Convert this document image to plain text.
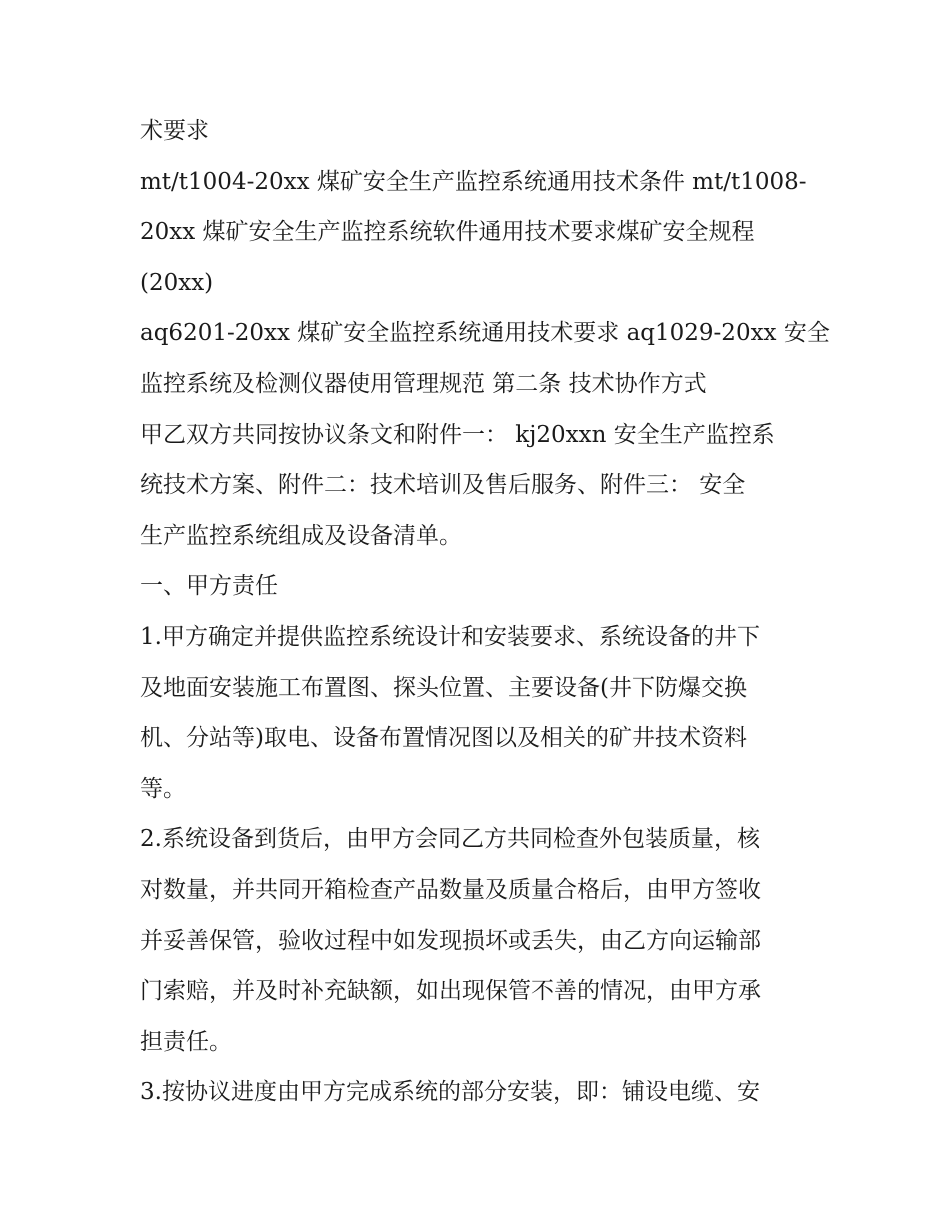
术要求
mt/t1004-20xx 煤矿安全生产监控系统通用技术条件 mt/t1008-
20xx 煤矿安全生产监控系统软件通用技术要求煤矿安全规程
(20xx)
aq6201-20xx 煤矿安全监控系统通用技术要求 aq1029-20xx 安全
监控系统及检测仪器使用管理规范 第二条 技术协作方式
甲乙双方共同按协议条文和附件一： kj20xxn 安全生产监控系
统技术方案、附件二：技术培训及售后服务、附件三： 安全
生产监控系统组成及设备清单。
一、甲方责任
1.甲方确定并提供监控系统设计和安装要求、系统设备的井下
及地面安装施工布置图、探头位置、主要设备(井下防爆交换
机、分站等)取电、设备布置情况图以及相关的矿井技术资料
等。
2.系统设备到货后，由甲方会同乙方共同检查外包装质量，核
对数量，并共同开箱检查产品数量及质量合格后，由甲方签收
并妥善保管，验收过程中如发现损坏或丢失，由乙方向运输部
门索赔，并及时补充缺额，如出现保管不善的情况，由甲方承
担责任。
3.按协议进度由甲方完成系统的部分安装，即：铺设电缆、安
